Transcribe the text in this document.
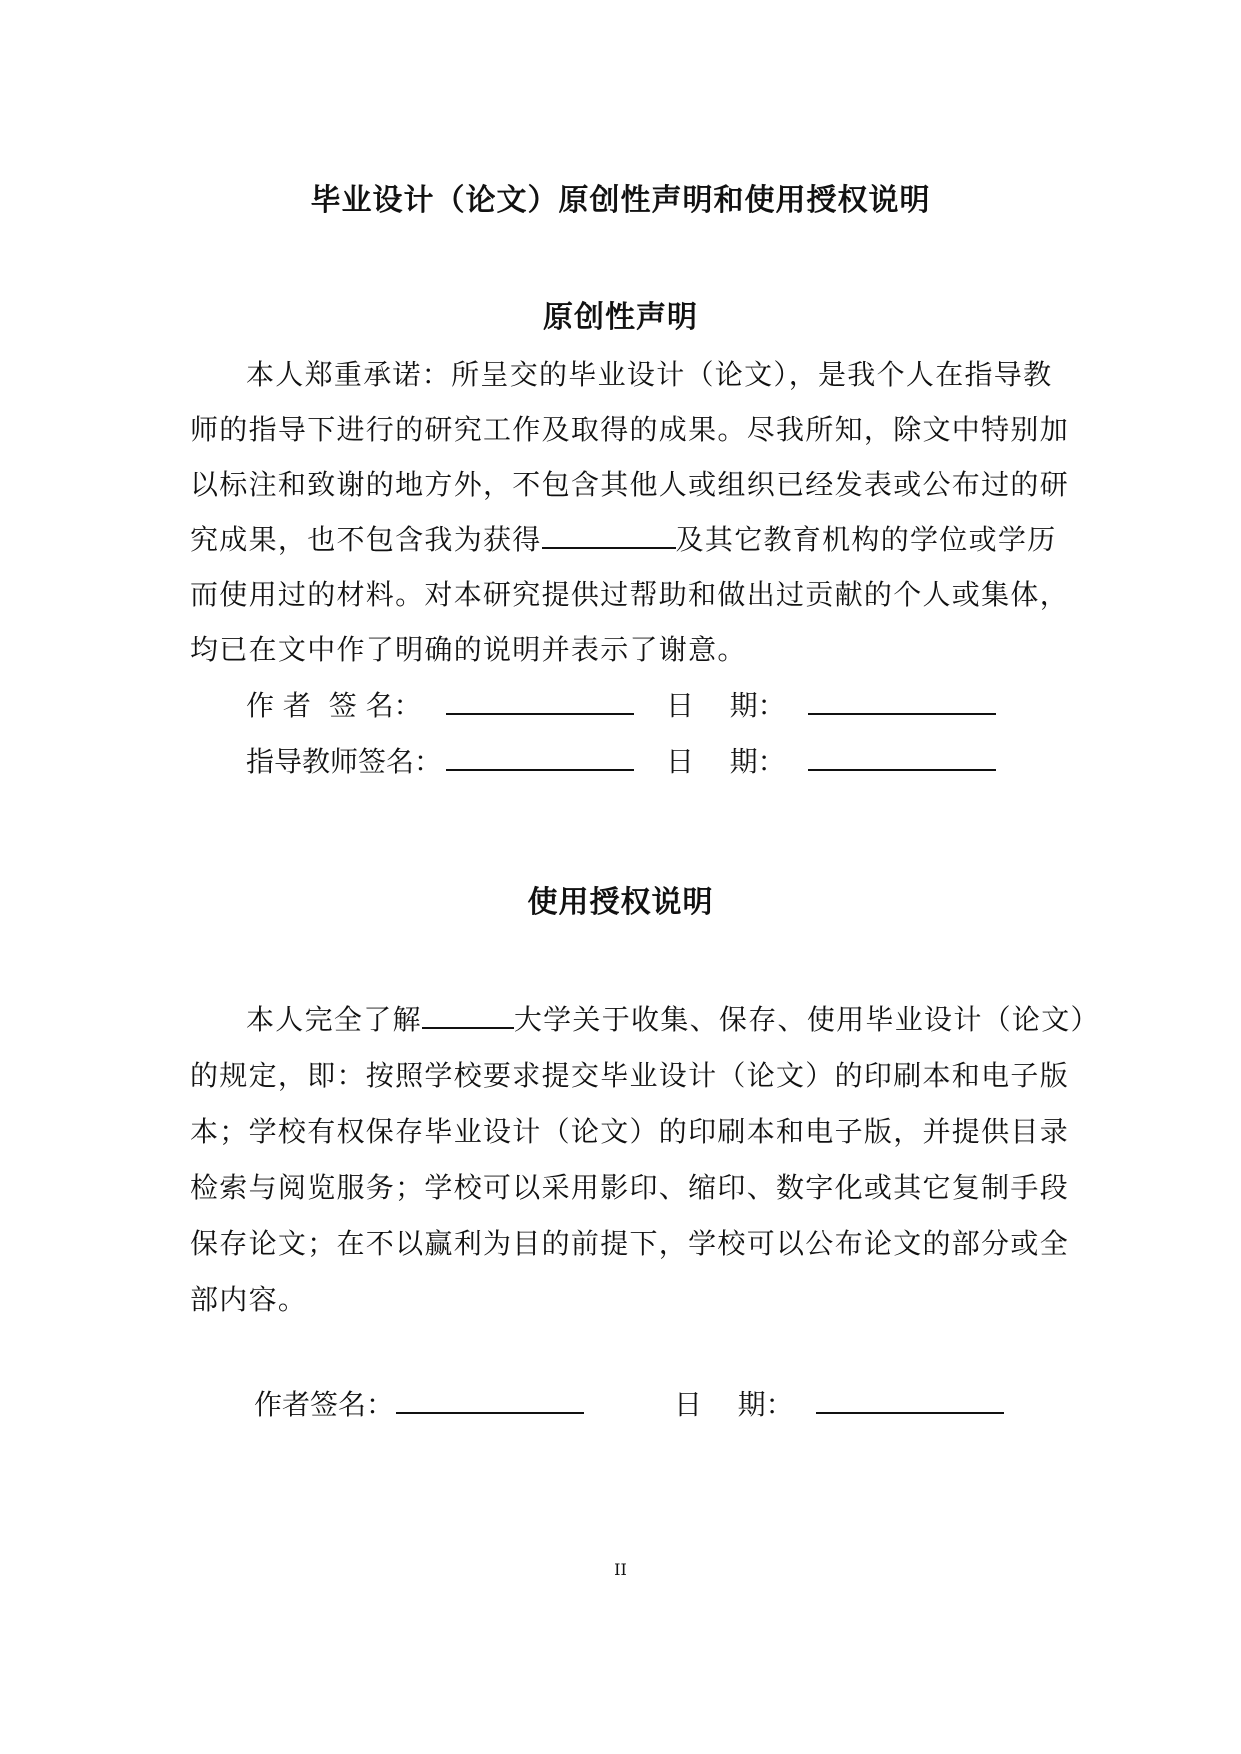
毕业设计（论文）原创性声明和使用授权说明
原创性声明
本人郑重承诺：所呈交的毕业设计（论文），是我个人在指导教
师的指导下进行的研究工作及取得的成果。尽我所知，除文中特别加
以标注和致谢的地方外，不包含其他人或组织已经发表或公布过的研
究成果，也不包含我为获得	及其它教育机构的学位或学历
而使用过的材料。对本研究提供过帮助和做出过贡献的个人或集体，
均已在文中作了明确的说明并表示了谢意。
作 者  签 名：	日    期：
指导教师签名：	日    期：
使用授权说明
本人完全了解	大学关于收集、保存、使用毕业设计（论文）
的规定，即：按照学校要求提交毕业设计（论文）的印刷本和电子版
本；学校有权保存毕业设计（论文）的印刷本和电子版，并提供目录
检索与阅览服务；学校可以采用影印、缩印、数字化或其它复制手段
保存论文；在不以赢利为目的前提下，学校可以公布论文的部分或全
部内容。
作者签名：	日    期：
II
